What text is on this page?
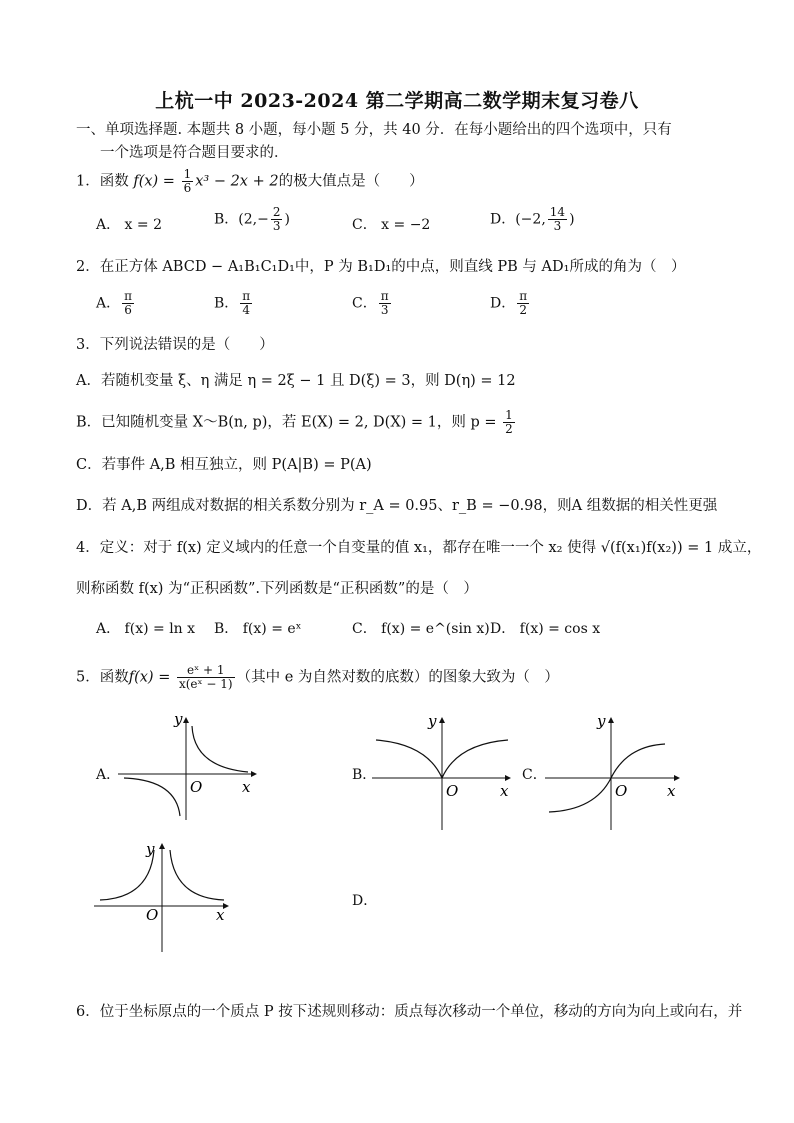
上杭一中 2023-2024 第二学期高二数学期末复习卷八
一、单项选择题. 本题共 8 小题，每小题 5 分，共 40 分．在每小题给出的四个选项中，只有
一个选项是符合题目要求的．
1．函数 $f(x) = \frac{1}{6} x^3 - 2x + 2$的极大值点是（　　）
A． x = 2	B．($2,- \frac{2}{3}$ )	C． x = −2	D．(−2, $\frac{14}{3}$ )
2．在正方体 ABCD − A₁B₁C₁D₁中，P 为 B₁D₁的中点，则直线 PB 与 AD₁所成的角为（　）
A． $\frac{\pi}{6}$	B． $\frac{\pi}{4}$	C． $\frac{\pi}{3}$	D． $\frac{\pi}{2}$
3．下列说法错误的是（　　）
A．若随机变量 ξ、η 满足 η = 2ξ − 1 且 D(ξ) = 3，则 D(η) = 12
B．已知随机变量 X～B(n, p)，若 E(X) = 2, D(X) = 1，则 $p = \frac{1}{2}$
C．若事件 A,B 相互独立，则 P(A|B) = P(A)
D．若 A,B 两组成对数据的相关系数分别为 r_A = 0.95、r_B = −0.98，则A 组数据的相关性更强
4．定义：对于 f(x) 定义域内的任意一个自变量的值 x₁，都存在唯一一个 x₂ 使得 √(f(x₁)f(x₂)) = 1 成立，
则称函数 f(x) 为“正积函数”.下列函数是“正积函数”的是（　）
A． f(x) = ln x B． f(x) = eˣ	C． f(x) = e^(sin x) D． f(x) = cos x
5．函数$f(x) = \frac{\text{eˣ + 1}}{\text{x(eˣ − 1)}}$ （其中 e 为自然对数的底数）的图象大致为（　）
A．
y
x
O
B．
y
x
O
C．
y
x
O
y
x
O
D．
6．位于坐标原点的一个质点 P 按下述规则移动：质点每次移动一个单位，移动的方向为向上或向右，并
